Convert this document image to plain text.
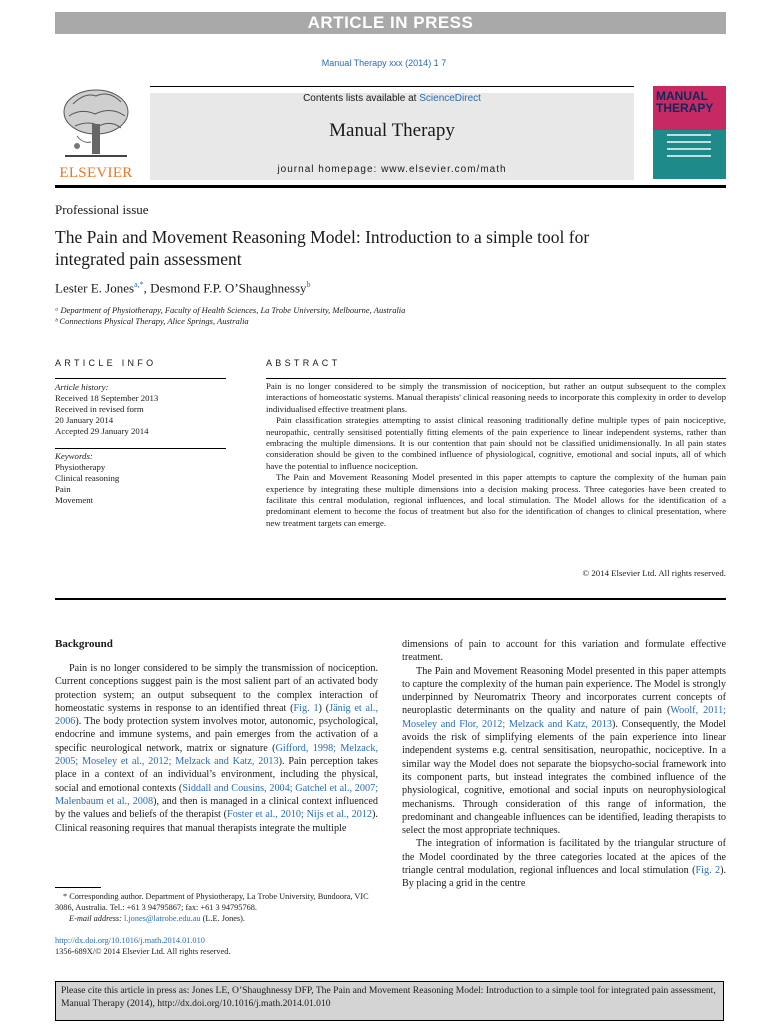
ARTICLE IN PRESS
Manual Therapy xxx (2014) 1 7
ELSEVIER
Contents lists available at ScienceDirect
Manual Therapy
journal homepage: www.elsevier.com/math
MANUAL THERAPY
Professional issue
The Pain and Movement Reasoning Model: Introduction to a simple tool for integrated pain assessment
Lester E. Jones$^{a,*}$, Desmond F.P. O’Shaughnessy$^b$
ᵃ Department of Physiotherapy, Faculty of Health Sciences, La Trobe University, Melbourne, Australia
ᵇ Connections Physical Therapy, Alice Springs, Australia
ARTICLE INFO
Article history:
Received 18 September 2013
Received in revised form
20 January 2014
Accepted 29 January 2014
Keywords:
Physiotherapy
Clinical reasoning
Pain
Movement
ABSTRACT

Pain is no longer considered to be simply the transmission of nociception, but rather an output subsequent to the complex interactions of homeostatic systems. Manual therapists' clinical reasoning needs to incorporate this complexity in order to develop individualised effective treatment plans.

Pain classification strategies attempting to assist clinical reasoning traditionally define multiple types of pain nociceptive, neuropathic, centrally sensitised potentially fitting elements of the pain experience to linear independent systems, rather than embracing the multiple dimensions. It is our contention that pain should not be classified unidimensionally. In all pain states consideration should be given to the combined influence of physiological, cognitive, emotional and social inputs, all of which have the potential to influence nociception.

The Pain and Movement Reasoning Model presented in this paper attempts to capture the complexity of the human pain experience by integrating these multiple dimensions into a decision making process. Three categories have been created to facilitate this central modulation, regional influences, and local stimulation. The Model allows for the identification of a predominant element to become the focus of treatment but also for the identification of changes to clinical presentation, where new treatment targets can emerge.

© 2014 Elsevier Ltd. All rights reserved.
Background

Pain is no longer considered to be simply the transmission of nociception. Current conceptions suggest pain is the most salient part of an activated body protection system; an output subsequent to the complex interaction of homeostatic systems in response to an identified threat (Fig. 1) (Jänig et al., 2006). The body protection system involves motor, autonomic, psychological, endocrine and immune systems, and pain emerges from the activation of a specific neurological network, matrix or signature (Gifford, 1998; Melzack, 2005; Moseley et al., 2012; Melzack and Katz, 2013). Pain perception takes place in a context of an individual’s environment, including the physical, social and emotional contexts (Siddall and Cousins, 2004; Gatchel et al., 2007; Malenbaum et al., 2008), and then is managed in a clinical context influenced by the values and beliefs of the therapist (Foster et al., 2010; Nijs et al., 2012). Clinical reasoning requires that manual therapists integrate the multiple

dimensions of pain to account for this variation and formulate effective treatment.

The Pain and Movement Reasoning Model presented in this paper attempts to capture the complexity of the human pain experience. The Model is strongly underpinned by Neuromatrix Theory and incorporates current concepts of neuroplastic determinants on the quality and nature of pain (Woolf, 2011; Moseley and Flor, 2012; Melzack and Katz, 2013). Consequently, the Model avoids the risk of simplifying elements of the pain experience into linear independent systems e.g. central sensitisation, neuropathic, nociceptive. In a similar way the Model does not separate the biopsycho-social framework into its component parts, but instead integrates the combined influence of the physiological, cognitive, emotional and social inputs on neurophysiological mechanisms. Through consideration of this range of information, the predominant and changeable influences can be identified, leading therapists to select the most appropriate techniques.

The integration of information is facilitated by the triangular structure of the Model coordinated by the three categories located at the apices of the triangle central modulation, regional influences and local stimulation (Fig. 2). By placing a grid in the centre

* Corresponding author. Department of Physiotherapy, La Trobe University, Bundoora, VIC 3086, Australia. Tel.: +61 3 94795867; fax: +61 3 94795768.
E-mail address: l.jones@latrobe.edu.au (L.E. Jones).
http://dx.doi.org/10.1016/j.math.2014.01.010
1356-689X/© 2014 Elsevier Ltd. All rights reserved.
Please cite this article in press as: Jones LE, O’Shaughnessy DFP, The Pain and Movement Reasoning Model: Introduction to a simple tool for integrated pain assessment, Manual Therapy (2014), http://dx.doi.org/10.1016/j.math.2014.01.010
